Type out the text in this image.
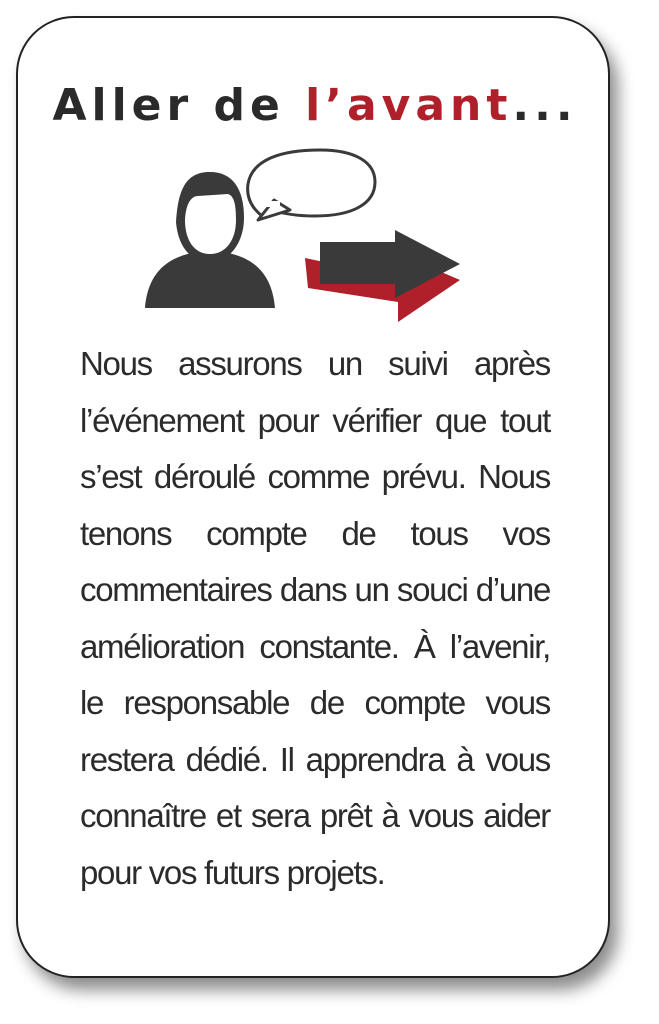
Aller de l’avant...

Nous assurons un suivi après l’événement pour vérifier que tout s’est déroulé comme prévu. Nous tenons compte de tous vos commentaires dans un souci d’une amélioration constante. À l’avenir, le responsable de compte vous restera dédié. Il apprendra à vous connaître et sera prêt à vous aider pour vos futurs projets.
